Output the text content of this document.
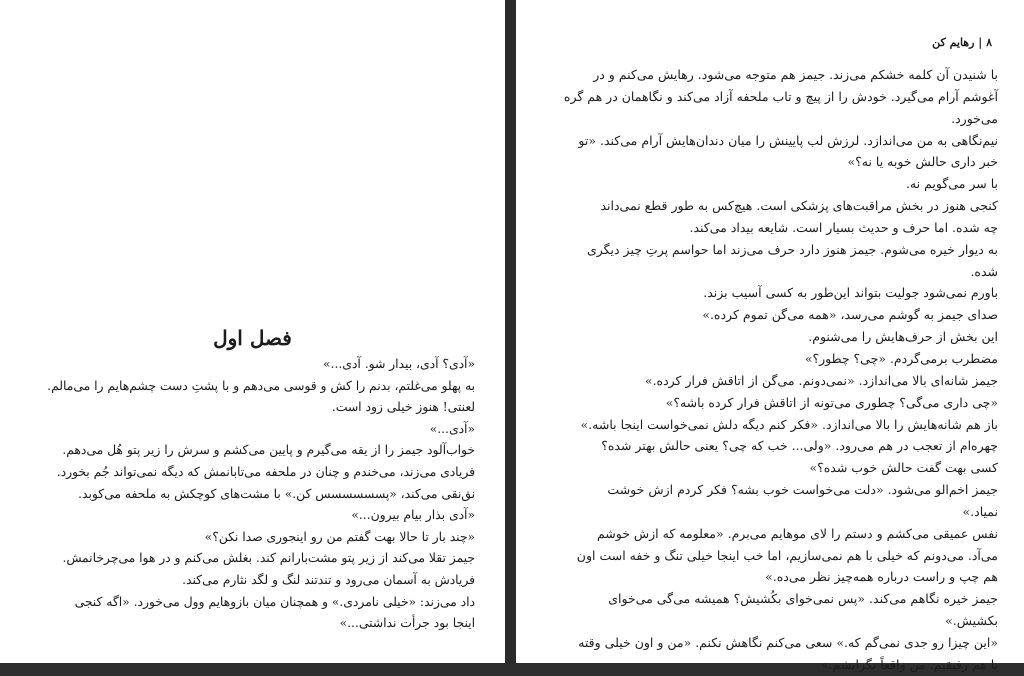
فصل اول
«آدی؟ آدی، بیدار شو. آدی...»
به پهلو می‌غلتم، بدنم را کش و قوسی می‌دهم و با پشتِ دست چشم‌هایم را می‌مالم.
لعنتی! هنوز خیلی زود است.
«آدی...»
خواب‌آلود جیمز را از یقه می‌گیرم و پایین می‌کشم و سرش را زیر پتو هُل می‌دهم.
فریادی می‌زند، می‌خندم و چنان در ملحفه می‌تابانمش که دیگه نمی‌تواند جُم بخورد.
نق‌نقی می‌کند، «پسسسسسس کن.» با مشت‌های کوچکش به ملحفه می‌کوبد.
«آدی بذار بیام بیرون...»
«چند بار تا حالا بهت گفتم من رو اینجوری صدا نکن؟»
جیمز تقلا می‌کند از زیر پتو مشت‌بارانم کند. بغلش می‌کنم و در هوا می‌چرخانمش.
فریادش به آسمان می‌رود و تندتند لنگ و لگد نثارم می‌کند.
داد می‌زند: «خیلی نامردی.» و همچنان میان بازوهایم وول می‌خورد. «اگه کنجی
اینجا بود جرأت نداشتی...»
۸ | رهایم کن
با شنیدن آن کلمه خشکم می‌زند. جیمز هم متوجه می‌شود. رهایش می‌کنم و در
آغوشم آرام می‌گیرد. خودش را از پیچ و تاب ملحفه آزاد می‌کند و نگاهمان در هم گره
می‌خورد.
نیم‌نگاهی به من می‌اندازد. لرزش لب پایینش را میان دندان‌هایش آرام می‌کند. «تو
خبر داری حالش خوبه یا نه؟»
با سر می‌گویم نه.
کنجی هنوز در بخش مراقبت‌های پزشکی است. هیچ‌کس به طور قطع نمی‌داند
چه شده. اما حرف و حدیث بسیار است. شایعه بیداد می‌کند.
به دیوار خیره می‌شوم. جیمز هنوز دارد حرف می‌زند اما حواسم پرتِ چیز دیگری
شده.
باورم نمی‌شود جولیت بتواند این‌طور به کسی آسیب بزند.
صدای جیمز به گوشم می‌رسد، «همه می‌گن تموم کرده.»
این بخش از حرف‌هایش را می‌شنوم.
مضطرب برمی‌گردم. «چی؟ چطور؟»
جیمز شانه‌ای بالا می‌اندازد. «نمی‌دونم. می‌گن از اتاقش فرار کرده.»
«چی داری می‌گی؟ چطوری می‌تونه از اتاقش فرار کرده باشه؟»
باز هم شانه‌هایش را بالا می‌اندازد. «فکر کنم دیگه دلش نمی‌خواست اینجا باشه.»
چهره‌ام از تعجب در هم می‌رود. «ولی... خب که چی؟ یعنی حالش بهتر شده؟
کسی بهت گفت حالش خوب شده؟»
جیمز اخم‌الو می‌شود. «دلت می‌خواست خوب بشه؟ فکر کردم ازش خوشت
نمیاد.»
نفس عمیقی می‌کشم و دستم را لای موهایم می‌برم. «معلومه که ازش خوشم
می‌آد. می‌دونم که خیلی با هم نمی‌سازیم، اما خب اینجا خیلی تنگ و خفه است اون
هم چپ و راست درباره همه‌چیز نظر می‌ده.»
جیمز خیره نگاهم می‌کند. «پس نمی‌خوای بکُشیش؟ همیشه می‌گی می‌خوای
بکشیش.»
«این چیزا رو جدی نمی‌گم که.» سعی می‌کنم نگاهش نکنم. «من و اون خیلی وقته
با هم رفیقیم. من واقعاً نگرانشم.»
